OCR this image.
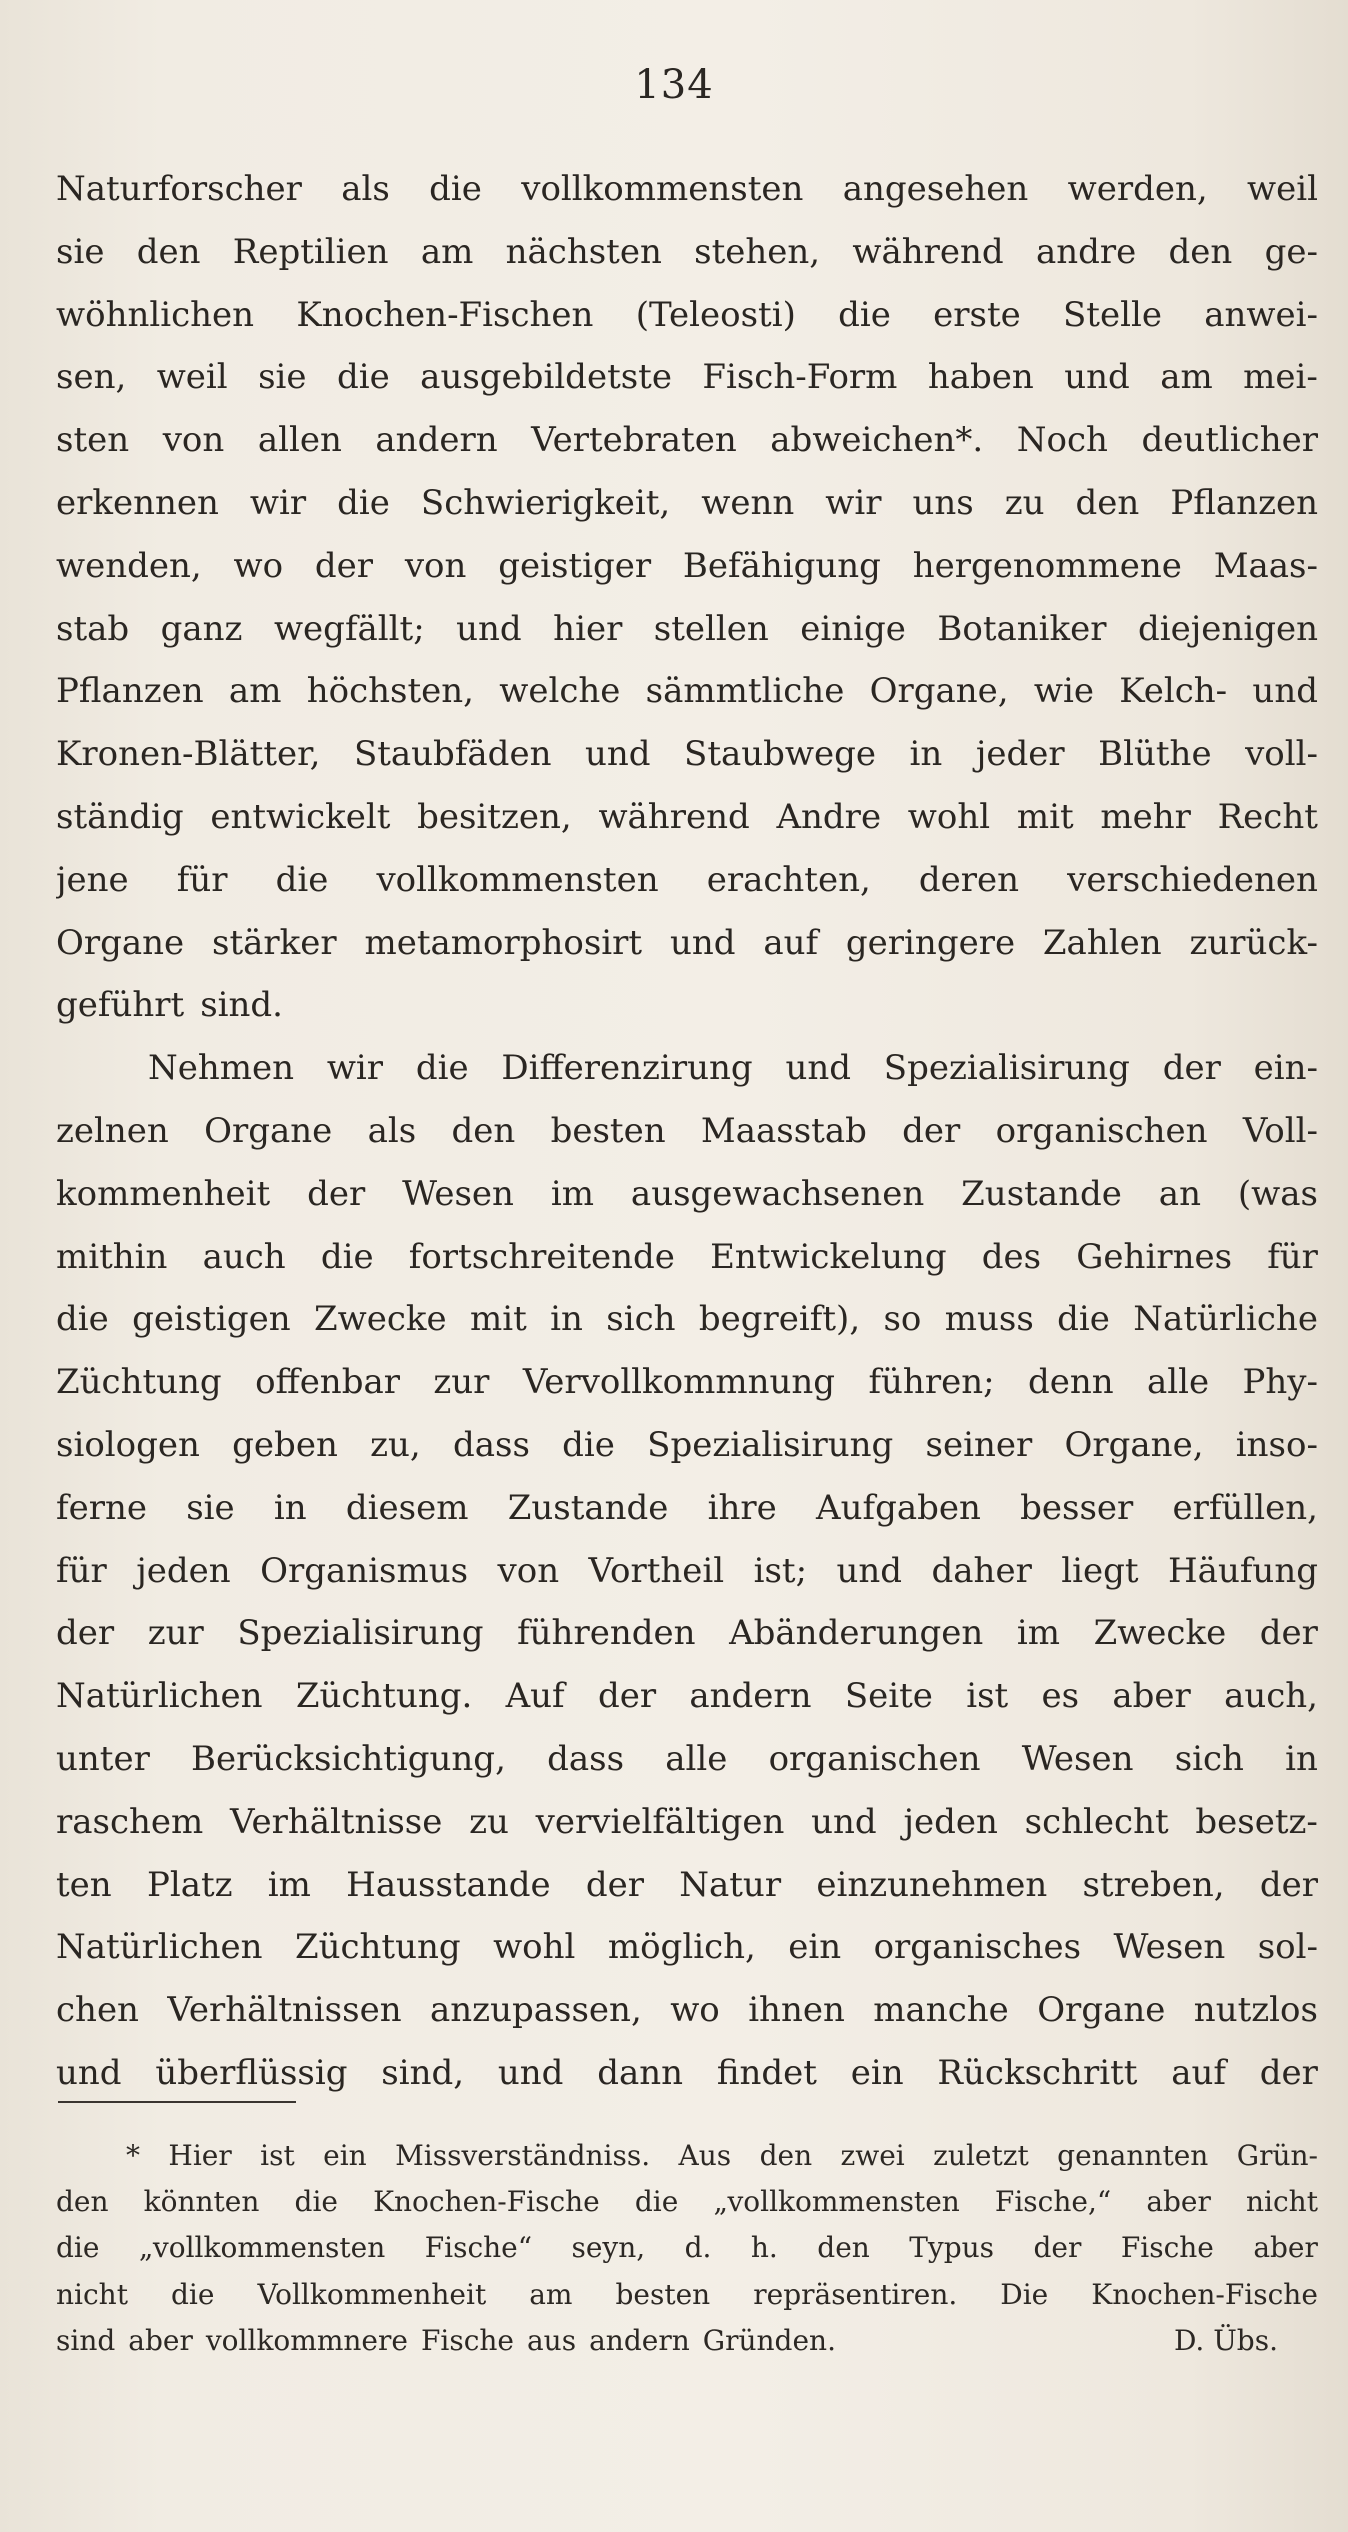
134
Naturforscher als die vollkommensten angesehen werden, weil
sie den Reptilien am nächsten stehen, während andre den ge-
wöhnlichen Knochen-Fischen (Teleosti) die erste Stelle anwei-
sen, weil sie die ausgebildetste Fisch-Form haben und am mei-
sten von allen andern Vertebraten abweichen*. Noch deutlicher
erkennen wir die Schwierigkeit, wenn wir uns zu den Pflanzen
wenden, wo der von geistiger Befähigung hergenommene Maas-
stab ganz wegfällt; und hier stellen einige Botaniker diejenigen
Pflanzen am höchsten, welche sämmtliche Organe, wie Kelch- und
Kronen-Blätter, Staubfäden und Staubwege in jeder Blüthe voll-
ständig entwickelt besitzen, während Andre wohl mit mehr Recht
jene für die vollkommensten erachten, deren verschiedenen
Organe stärker metamorphosirt und auf geringere Zahlen zurück-
geführt sind.
Nehmen wir die Differenzirung und Spezialisirung der ein-
zelnen Organe als den besten Maasstab der organischen Voll-
kommenheit der Wesen im ausgewachsenen Zustande an (was
mithin auch die fortschreitende Entwickelung des Gehirnes für
die geistigen Zwecke mit in sich begreift), so muss die Natürliche
Züchtung offenbar zur Vervollkommnung führen; denn alle Phy-
siologen geben zu, dass die Spezialisirung seiner Organe, inso-
ferne sie in diesem Zustande ihre Aufgaben besser erfüllen,
für jeden Organismus von Vortheil ist; und daher liegt Häufung
der zur Spezialisirung führenden Abänderungen im Zwecke der
Natürlichen Züchtung. Auf der andern Seite ist es aber auch,
unter Berücksichtigung, dass alle organischen Wesen sich in
raschem Verhältnisse zu vervielfältigen und jeden schlecht besetz-
ten Platz im Hausstande der Natur einzunehmen streben, der
Natürlichen Züchtung wohl möglich, ein organisches Wesen sol-
chen Verhältnissen anzupassen, wo ihnen manche Organe nutzlos
und überflüssig sind, und dann findet ein Rückschritt auf der
* Hier ist ein Missverständniss. Aus den zwei zuletzt genannten Grün-
den könnten die Knochen-Fische die „vollkommensten Fische,“ aber nicht
die „vollkommensten Fische“ seyn, d. h. den Typus der Fische aber
nicht die Vollkommenheit am besten repräsentiren. Die Knochen-Fische
sind aber vollkommnere Fische aus andern Gründen.	D. Übs.
